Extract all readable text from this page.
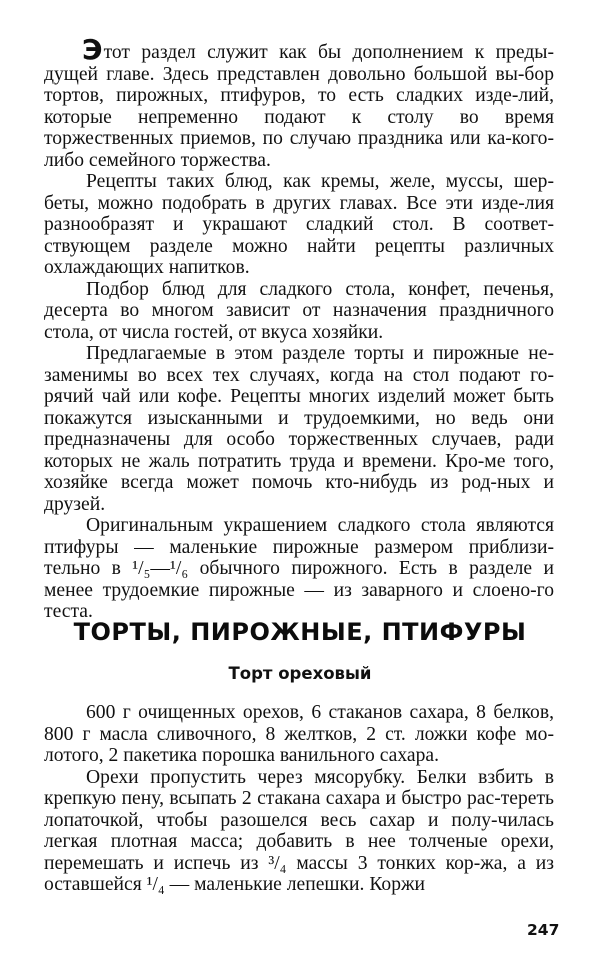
Этот раздел служит как бы дополнением к преды-дущей главе. Здесь представлен довольно большой вы-бор тортов, пирожных, птифуров, то есть сладких изде-лий, которые непременно подают к столу во время торжественных приемов, по случаю праздника или ка-кого-либо семейного торжества.

Рецепты таких блюд, как кремы, желе, муссы, шер-беты, можно подобрать в других главах. Все эти изде-лия разнообразят и украшают сладкий стол. В соответ-ствующем разделе можно найти рецепты различных охлаждающих напитков.

Подбор блюд для сладкого стола, конфет, печенья, десерта во многом зависит от назначения праздничного стола, от числа гостей, от вкуса хозяйки.

Предлагаемые в этом разделе торты и пирожные не-заменимы во всех тех случаях, когда на стол подают го-рячий чай или кофе. Рецепты многих изделий может быть покажутся изысканными и трудоемкими, но ведь они предназначены для особо торжественных случаев, ради которых не жаль потратить труда и времени. Кро-ме того, хозяйке всегда может помочь кто-нибудь из род-ных и друзей.

Оригинальным украшением сладкого стола являются птифуры — маленькие пирожные размером приблизи-тельно в ¹/₅—¹/₆ обычного пирожного. Есть в разделе и менее трудоемкие пирожные — из заварного и слоено-го теста.

ТОРТЫ, ПИРОЖНЫЕ, ПТИФУРЫ
Торт ореховый

600 г очищенных орехов, 6 стаканов сахара, 8 белков, 800 г масла сливочного, 8 желтков, 2 ст. ложки кофе мо-лотого, 2 пакетика порошка ванильного сахара.

Орехи пропустить через мясорубку. Белки взбить в крепкую пену, всыпать 2 стакана сахара и быстро рас-тереть лопаточкой, чтобы разошелся весь сахар и полу-чилась легкая плотная масса; добавить в нее толченые орехи, перемешать и испечь из ³/₄ массы 3 тонких кор-жа, а из оставшейся ¹/₄ — маленькие лепешки. Коржи

247
